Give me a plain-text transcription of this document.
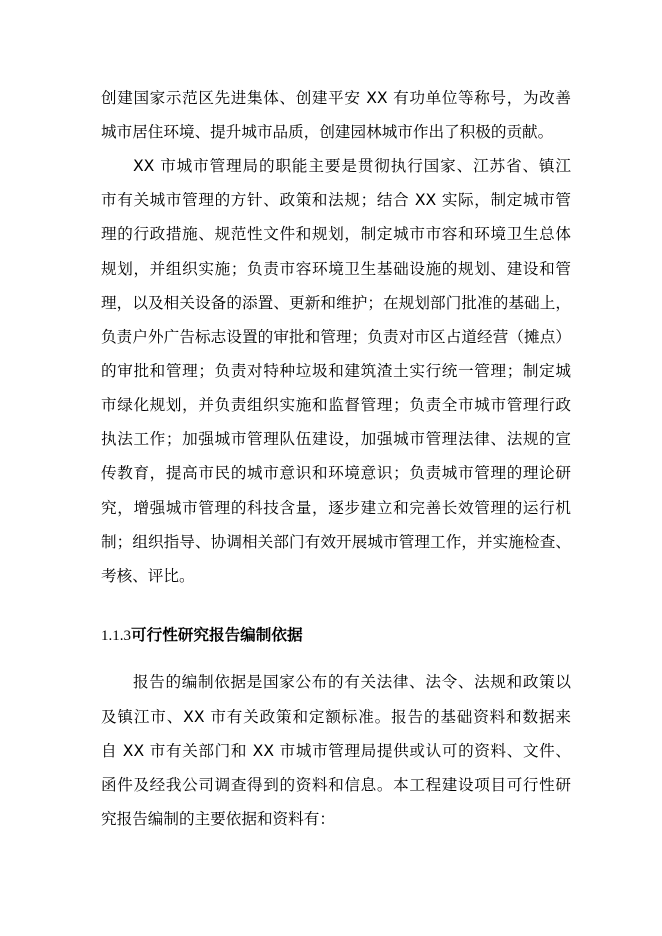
创建国家示范区先进集体、创建平安 XX 有功单位等称号，为改善
城市居住环境、提升城市品质，创建园林城市作出了积极的贡献。
XX 市城市管理局的职能主要是贯彻执行国家、江苏省、镇江
市有关城市管理的方针、政策和法规；结合 XX 实际，制定城市管
理的行政措施、规范性文件和规划，制定城市市容和环境卫生总体
规划，并组织实施；负责市容环境卫生基础设施的规划、建设和管
理，以及相关设备的添置、更新和维护；在规划部门批准的基础上，
负责户外广告标志设置的审批和管理；负责对市区占道经营（摊点）
的审批和管理；负责对特种垃圾和建筑渣土实行统一管理；制定城
市绿化规划，并负责组织实施和监督管理；负责全市城市管理行政
执法工作；加强城市管理队伍建设，加强城市管理法律、法规的宣
传教育，提高市民的城市意识和环境意识；负责城市管理的理论研
究，增强城市管理的科技含量，逐步建立和完善长效管理的运行机
制；组织指导、协调相关部门有效开展城市管理工作，并实施检查、
考核、评比。
1.1.3可行性研究报告编制依据
报告的编制依据是国家公布的有关法律、法令、法规和政策以
及镇江市、XX 市有关政策和定额标准。报告的基础资料和数据来
自 XX 市有关部门和 XX 市城市管理局提供或认可的资料、文件、
函件及经我公司调查得到的资料和信息。本工程建设项目可行性研
究报告编制的主要依据和资料有：
